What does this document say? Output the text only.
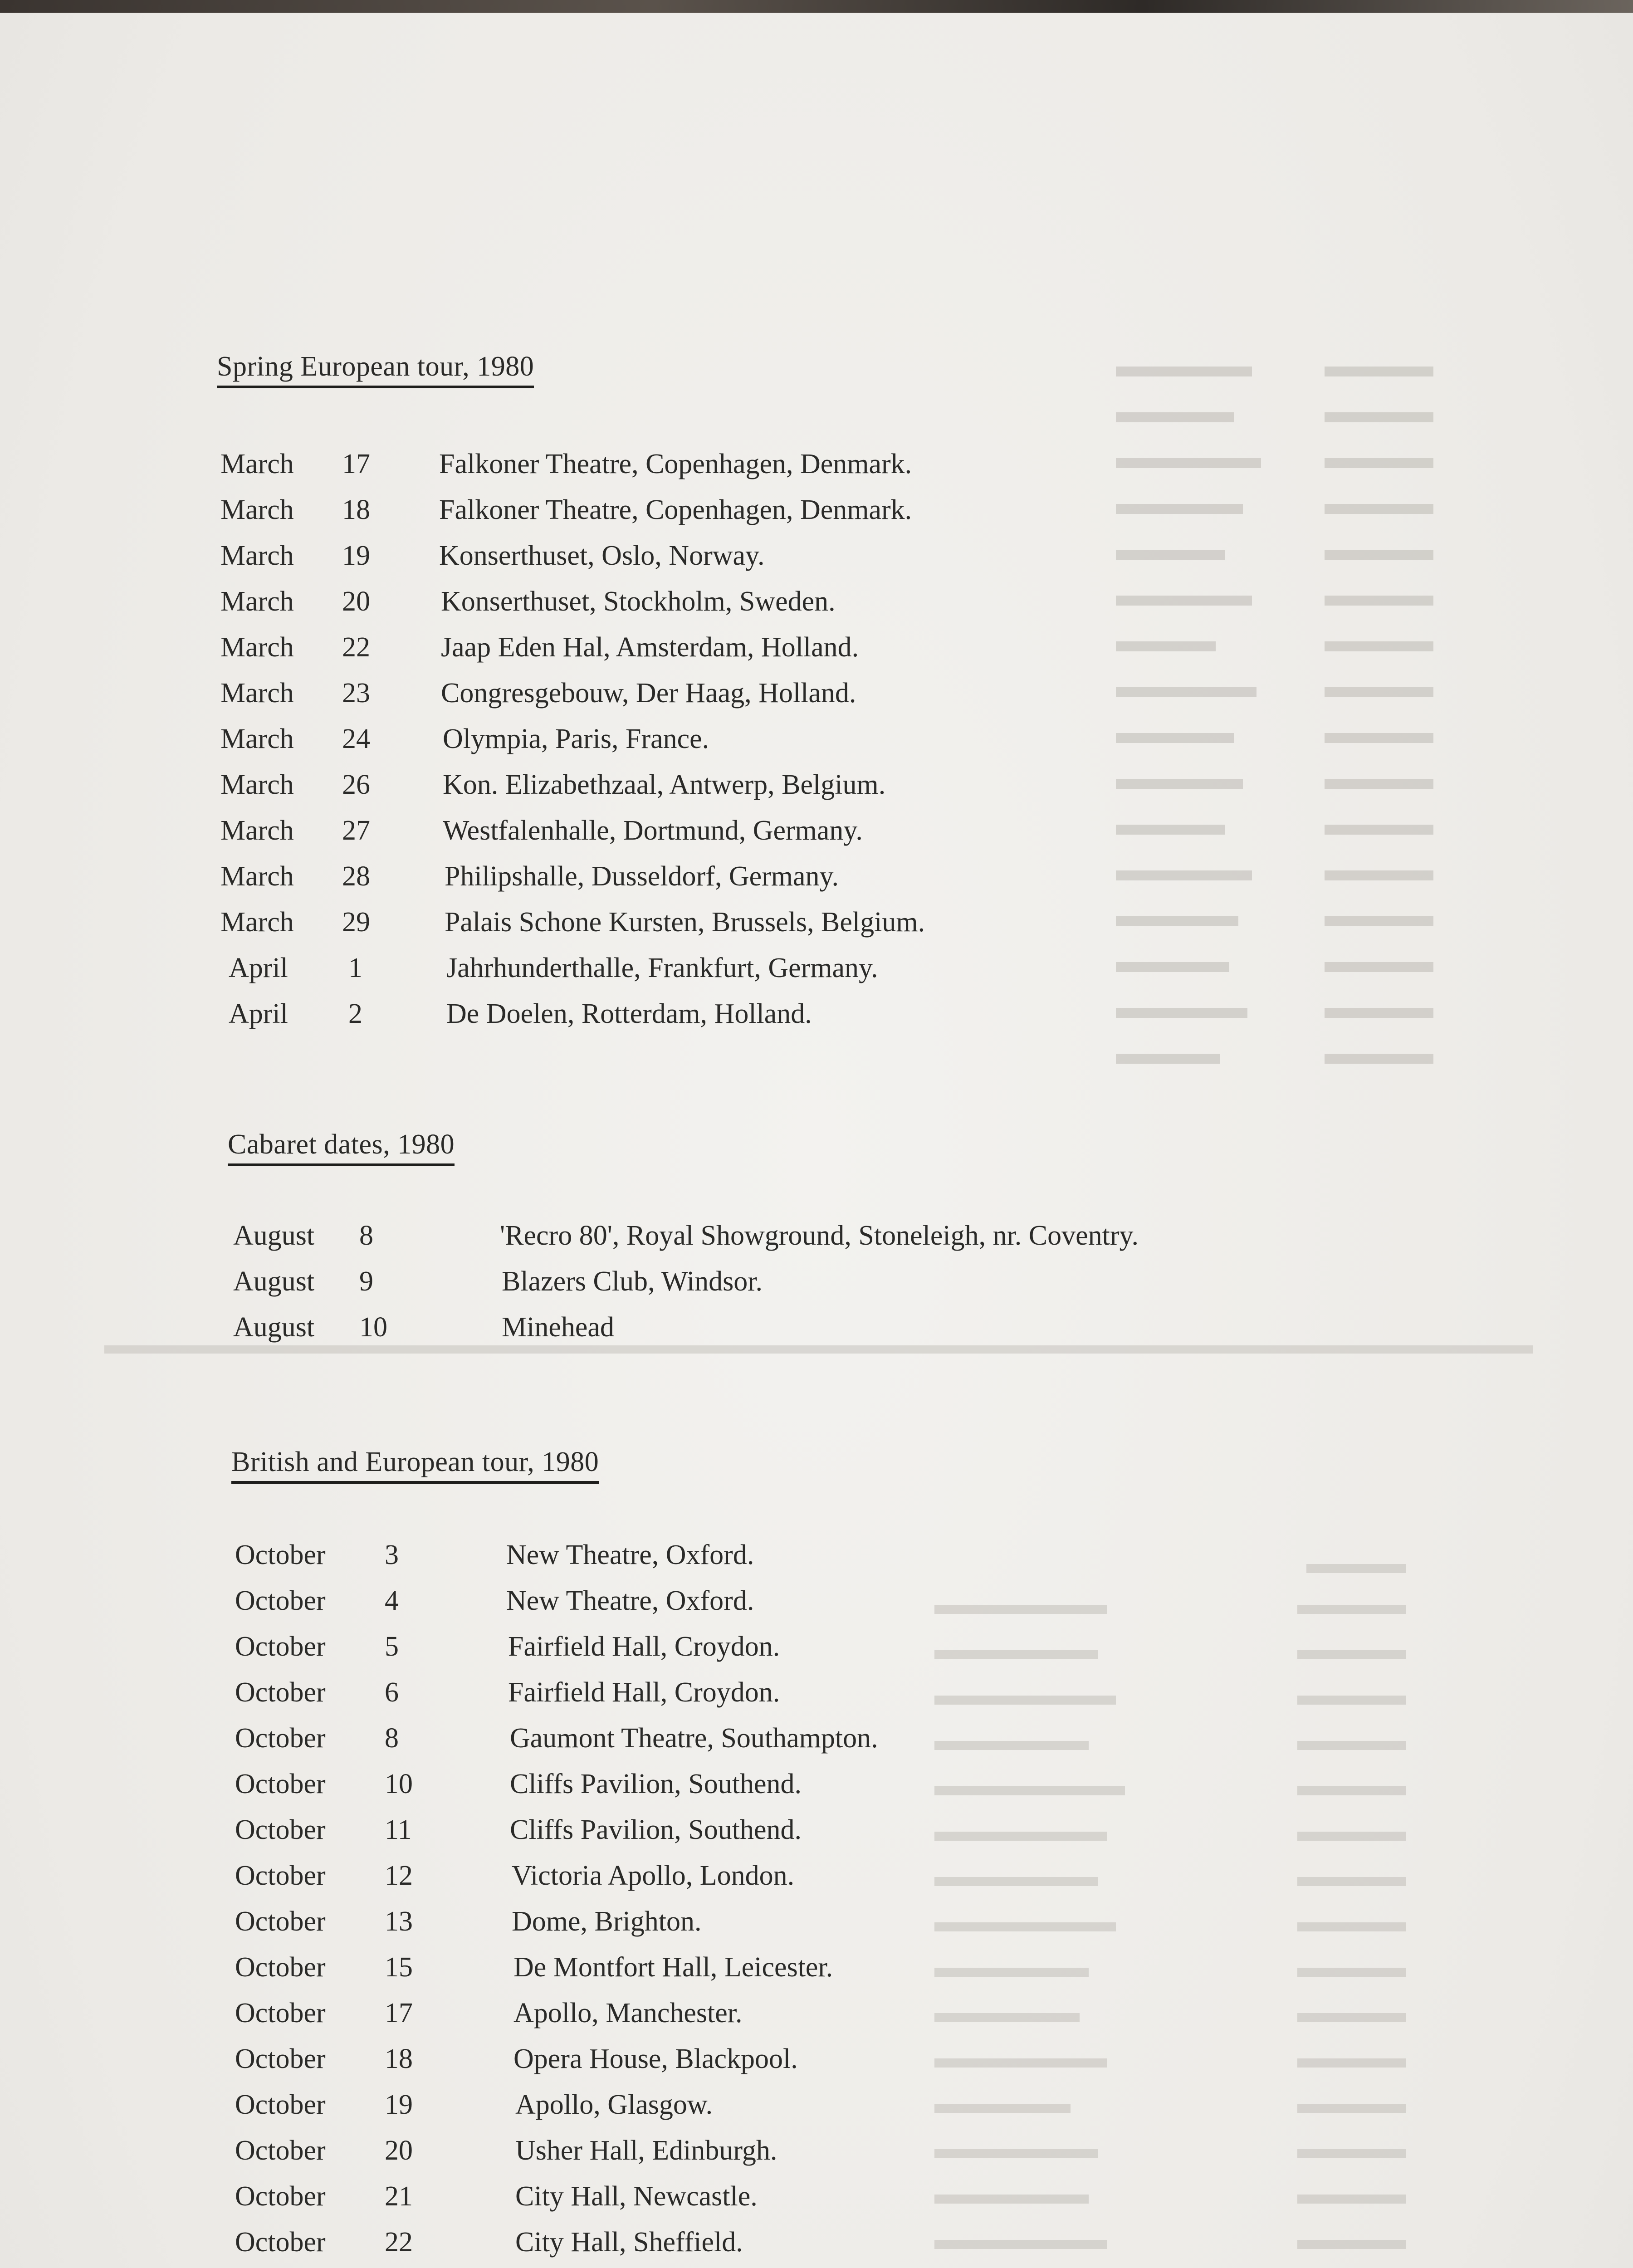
Spring European tour, 1980
March 17 Falkoner Theatre, Copenhagen, Denmark.
March 18 Falkoner Theatre, Copenhagen, Denmark.
March 19 Konserthuset, Oslo, Norway.
March 20	Konserthuset, Stockholm, Sweden.
March 22	Jaap Eden Hal, Amsterdam, Holland.
March 23	Congresgebouw, Der Haag, Holland.
March 24	Olympia, Paris, France.
March 26	Kon. Elizabethzaal, Antwerp, Belgium.
March 27	Westfalenhalle, Dortmund, Germany.
March 28	Philipshalle, Dusseldorf, Germany.
March 29	Palais Schone Kursten, Brussels, Belgium.
April 1	Jahrhunderthalle, Frankfurt, Germany.
April 2	De Doelen, Rotterdam, Holland.
Cabaret dates, 1980
August 8	'Recro 80', Royal Showground, Stoneleigh, nr. Coventry.
August 9	Blazers Club, Windsor.
August 10	Minehead
British and European tour, 1980
October 3	New Theatre, Oxford.
October 4	New Theatre, Oxford.
October 5	Fairfield Hall, Croydon.
October 6	Fairfield Hall, Croydon.
October 8	Gaumont Theatre, Southampton.
October 10	Cliffs Pavilion, Southend.
October 11	Cliffs Pavilion, Southend.
October 12	Victoria Apollo, London.
October 13	Dome, Brighton.
October 15	De Montfort Hall, Leicester.
October 17	Apollo, Manchester.
October 18	Opera House, Blackpool.
October 19	Apollo, Glasgow.
October 20	Usher Hall, Edinburgh.
October 21	City Hall, Newcastle.
October 22	City Hall, Sheffield.
